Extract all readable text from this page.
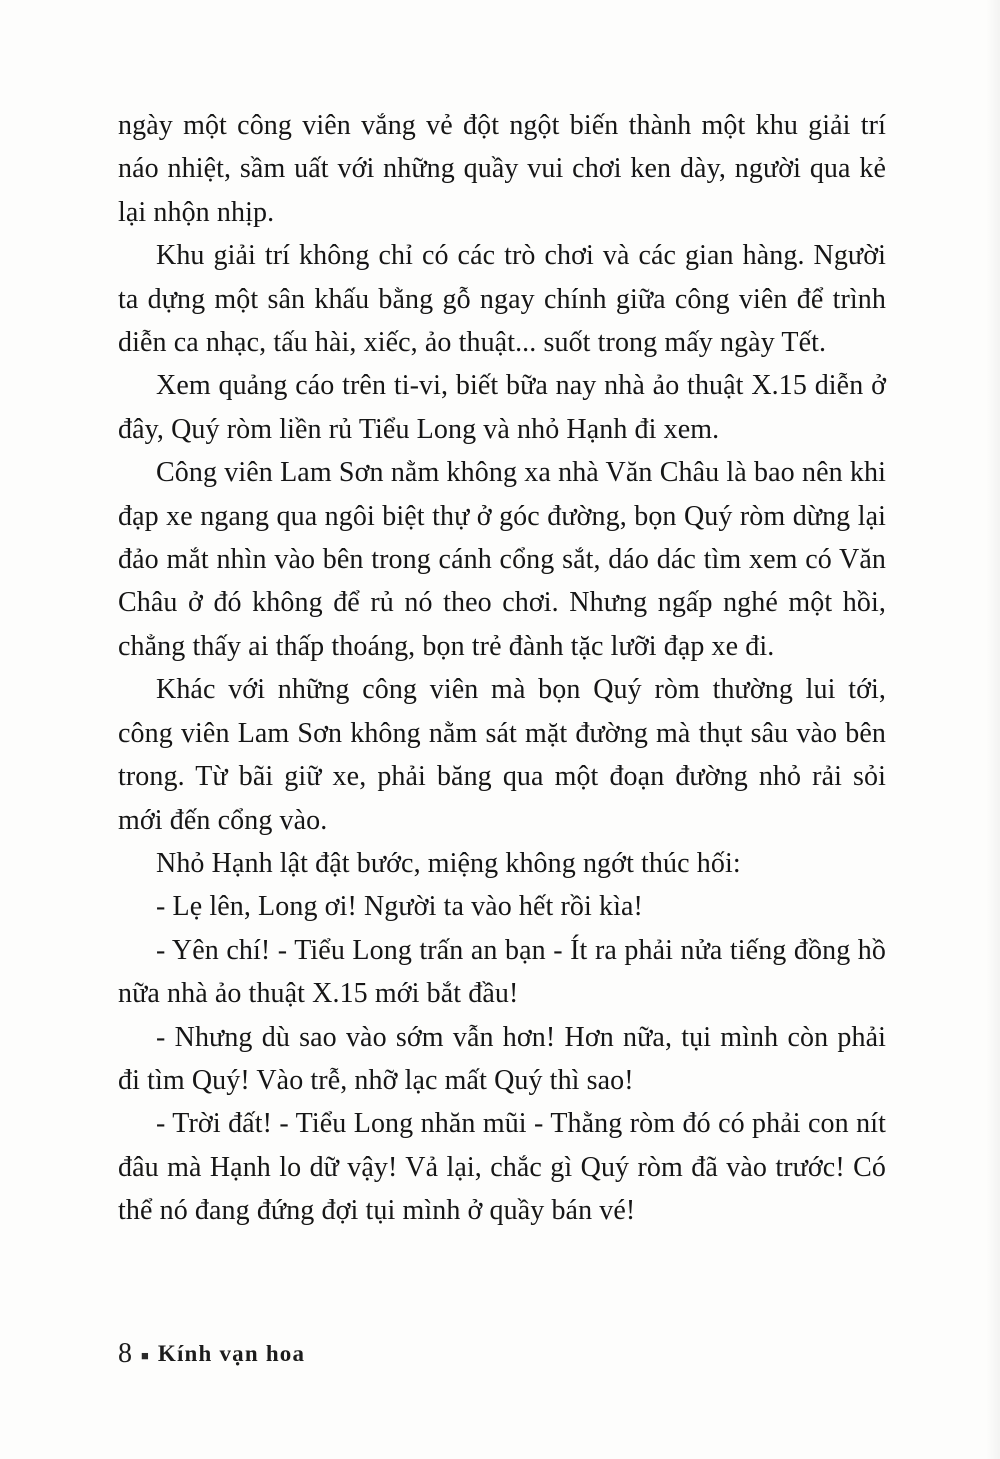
ngày một công viên vắng vẻ đột ngột biến thành một khu giải trí náo nhiệt, sầm uất với những quầy vui chơi ken dày, người qua kẻ lại nhộn nhịp.

Khu giải trí không chỉ có các trò chơi và các gian hàng. Người ta dựng một sân khấu bằng gỗ ngay chính giữa công viên để trình diễn ca nhạc, tấu hài, xiếc, ảo thuật... suốt trong mấy ngày Tết.

Xem quảng cáo trên ti-vi, biết bữa nay nhà ảo thuật X.15 diễn ở đây, Quý ròm liền rủ Tiểu Long và nhỏ Hạnh đi xem.

Công viên Lam Sơn nằm không xa nhà Văn Châu là bao nên khi đạp xe ngang qua ngôi biệt thự ở góc đường, bọn Quý ròm dừng lại đảo mắt nhìn vào bên trong cánh cổng sắt, dáo dác tìm xem có Văn Châu ở đó không để rủ nó theo chơi. Nhưng ngấp nghé một hồi, chẳng thấy ai thấp thoáng, bọn trẻ đành tặc lưỡi đạp xe đi.

Khác với những công viên mà bọn Quý ròm thường lui tới, công viên Lam Sơn không nằm sát mặt đường mà thụt sâu vào bên trong. Từ bãi giữ xe, phải băng qua một đoạn đường nhỏ rải sỏi mới đến cổng vào.

Nhỏ Hạnh lật đật bước, miệng không ngớt thúc hối:

- Lẹ lên, Long ơi! Người ta vào hết rồi kìa!

- Yên chí! - Tiểu Long trấn an bạn - Ít ra phải nửa tiếng đồng hồ nữa nhà ảo thuật X.15 mới bắt đầu!

- Nhưng dù sao vào sớm vẫn hơn! Hơn nữa, tụi mình còn phải đi tìm Quý! Vào trễ, nhỡ lạc mất Quý thì sao!

- Trời đất! - Tiểu Long nhăn mũi - Thằng ròm đó có phải con nít đâu mà Hạnh lo dữ vậy! Vả lại, chắc gì Quý ròm đã vào trước! Có thể nó đang đứng đợi tụi mình ở quầy bán vé!

8 ■ Kính vạn hoa
